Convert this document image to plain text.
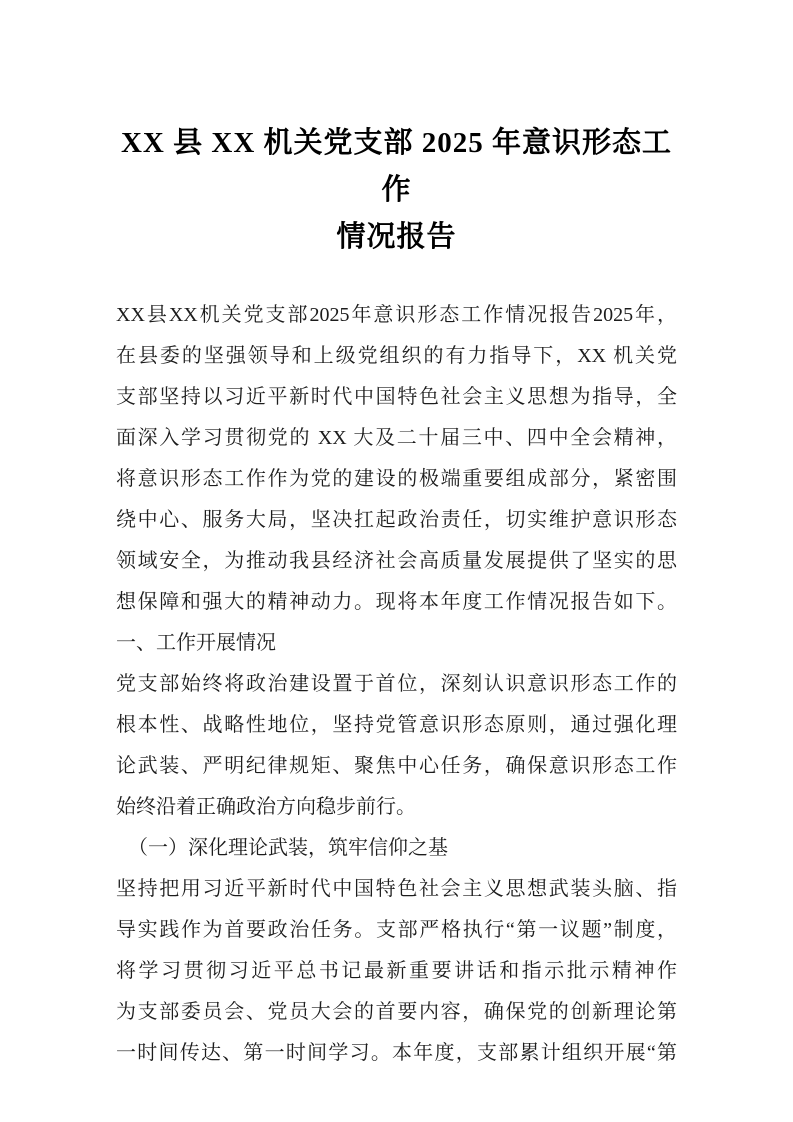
XX 县 XX 机关党支部 2025 年意识形态工作
情况报告
XX县XX机关党支部2025年意识形态工作情况报告2025年，
在县委的坚强领导和上级党组织的有力指导下，XX 机关党
支部坚持以习近平新时代中国特色社会主义思想为指导，全
面深入学习贯彻党的 XX 大及二十届三中、四中全会精神，
将意识形态工作作为党的建设的极端重要组成部分，紧密围
绕中心、服务大局，坚决扛起政治责任，切实维护意识形态
领域安全，为推动我县经济社会高质量发展提供了坚实的思
想保障和强大的精神动力。现将本年度工作情况报告如下。
一、工作开展情况
党支部始终将政治建设置于首位，深刻认识意识形态工作的
根本性、战略性地位，坚持党管意识形态原则，通过强化理
论武装、严明纪律规矩、聚焦中心任务，确保意识形态工作
始终沿着正确政治方向稳步前行。
（一）深化理论武装，筑牢信仰之基
坚持把用习近平新时代中国特色社会主义思想武装头脑、指
导实践作为首要政治任务。支部严格执行“第一议题”制度，
将学习贯彻习近平总书记最新重要讲话和指示批示精神作
为支部委员会、党员大会的首要内容，确保党的创新理论第
一时间传达、第一时间学习。本年度，支部累计组织开展“第
